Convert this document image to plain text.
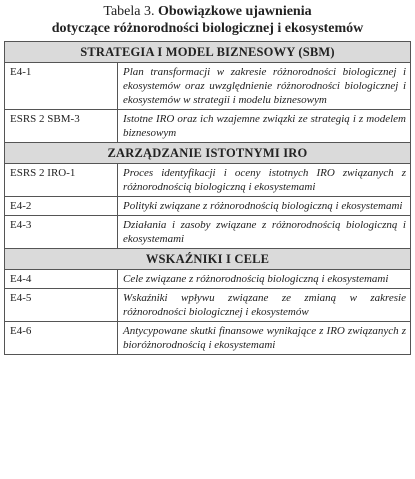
Tabela 3. Obowiązkowe ujawnienia
dotyczące różnorodności biologicznej i ekosystemów
STRATEGIA I MODEL BIZNESOWY (SBM)	
E4-1	Plan transformacji w zakresie różnorodności biologicznej i ekosystemów oraz uwzględnienie różnorodności biologicznej i ekosystemów w strategii i modelu biznesowym
ESRS 2 SBM-3	Istotne IRO oraz ich wzajemne związki ze strategią i z modelem biznesowym
ZARZĄDZANIE ISTOTNYMI IRO	
ESRS 2 IRO-1	Proces identyfikacji i oceny istotnych IRO związanych z różnorodnością biologiczną i ekosystemami
E4-2	Polityki związane z różnorodnością biologiczną i ekosystemami
E4-3	Działania i zasoby związane z różnorodnością biologiczną i ekosystemami
WSKAŹNIKI I CELE	
E4-4	Cele związane z różnorodnością biologiczną i ekosystemami
E4-5	Wskaźniki wpływu związane ze zmianą w zakresie różnorodności biologicznej i ekosystemów
E4-6	Antycypowane skutki finansowe wynikające z IRO związanych z bioróżnorodnością i ekosystemami
